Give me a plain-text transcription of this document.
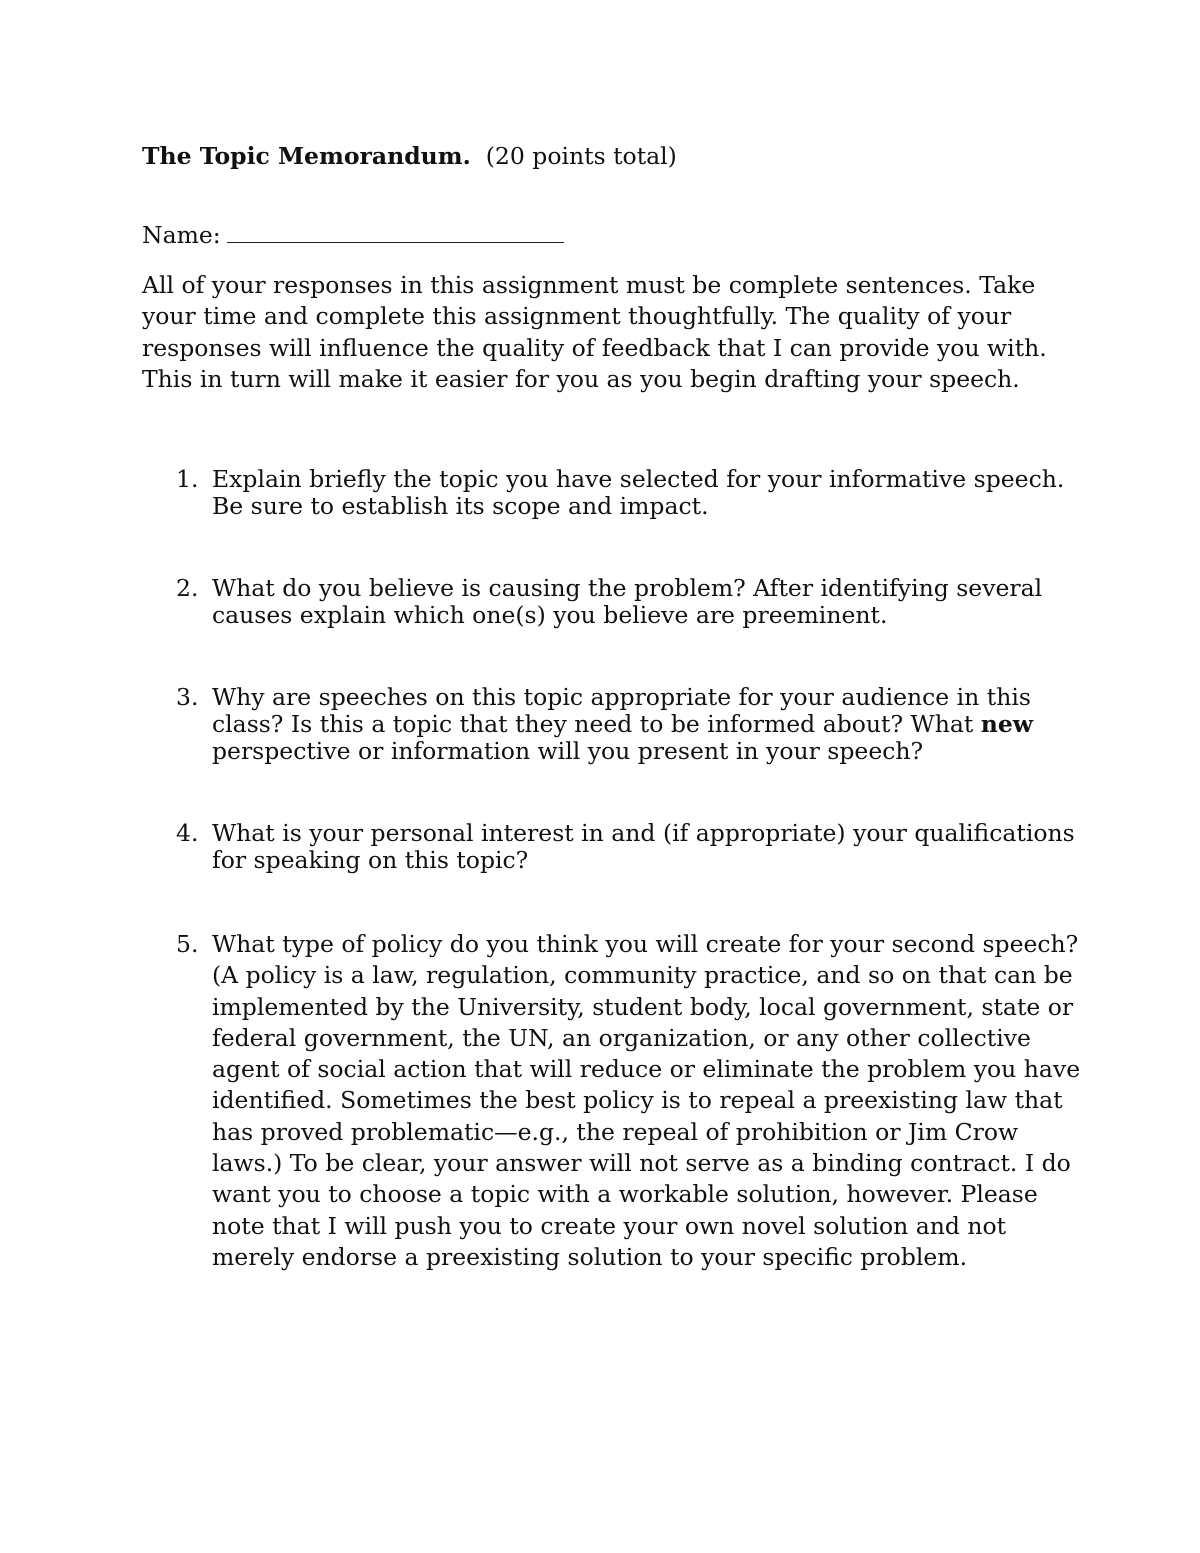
The Topic Memorandum. (20 points total)

Name:

All of your responses in this assignment must be complete sentences. Take your time and complete this assignment thoughtfully. The quality of your responses will influence the quality of feedback that I can provide you with. This in turn will make it easier for you as you begin drafting your speech.

1. Explain briefly the topic you have selected for your informative speech. Be sure to establish its scope and impact.
2. What do you believe is causing the problem? After identifying several causes explain which one(s) you believe are preeminent.
3. Why are speeches on this topic appropriate for your audience in this class? Is this a topic that they need to be informed about? What new perspective or information will you present in your speech?
4. What is your personal interest in and (if appropriate) your qualifications for speaking on this topic?
5. What type of policy do you think you will create for your second speech? (A policy is a law, regulation, community practice, and so on that can be implemented by the University, student body, local government, state or federal government, the UN, an organization, or any other collective agent of social action that will reduce or eliminate the problem you have identified. Sometimes the best policy is to repeal a preexisting law that has proved problematic—e.g., the repeal of prohibition or Jim Crow laws.) To be clear, your answer will not serve as a binding contract. I do want you to choose a topic with a workable solution, however. Please note that I will push you to create your own novel solution and not merely endorse a preexisting solution to your specific problem.
